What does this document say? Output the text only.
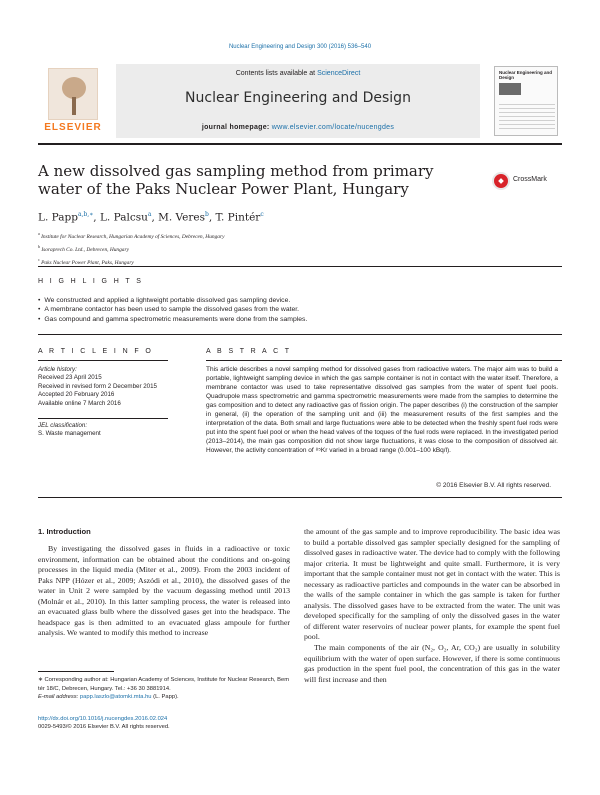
Nuclear Engineering and Design 300 (2016) 536–540
ELSEVIER
Contents lists available at ScienceDirect
Nuclear Engineering and Design
journal homepage: www.elsevier.com/locate/nucengdes
Nuclear Engineering and Design
A new dissolved gas sampling method from primary water of the Paks Nuclear Power Plant, Hungary
CrossMark
L. Papp$^{a,b,∗}$, L. Palcsu$^a$, M. Veres$^b$, T. Pintér$^c$
$^a$ Institute for Nuclear Research, Hungarian Academy of Sciences, Debrecen, Hungary
$^b$ Isoraprech Co. Ltd., Debrecen, Hungary
$^c$ Paks Nuclear Power Plant, Paks, Hungary
H I G H L I G H T S
• We constructed and applied a lightweight portable dissolved gas sampling device.
• A membrane contactor has been used to sample the dissolved gases from the water.
• Gas compound and gamma spectrometric measurements were done from the samples.
A R T I C L E I N F O
Article history:
Received 23 April 2015
Received in revised form 2 December 2015
Accepted 20 February 2016
Available online 7 March 2016
JEL classification:
S. Waste management
A B S T R A C T
This article describes a novel sampling method for dissolved gases from radioactive waters. The major aim was to build a portable, lightweight sampling device in which the gas sample container is not in contact with the water itself. Therefore, a membrane contactor was used to take representative dissolved gas samples from the water of spent fuel pools. Quadrupole mass spectrometric and gamma spectrometric measurements were made from the samples to determine the gas composition and to detect any radioactive gas of fission origin. The paper describes (i) the construction of the sampler in general, (ii) the operation of the sampling unit and (iii) the measurement results of the first samples and the interpretation of the data. Both small and large fluctuations were able to be detected when the freshly spent fuel rods were put into the spent fuel pool or when the head valves of the toques of the fuel rods were replaced. In the investigated period (2013–2014), the main gas composition did not show large fluctuations, it was close to the composition of dissolved air. However, the activity concentration of ⁸⁵Kr varied in a broad range (0.001–100 kBq/l).
© 2016 Elsevier B.V. All rights reserved.
1. Introduction
By investigating the dissolved gases in fluids in a radioactive or toxic environment, information can be obtained about the conditions and on-going processes in the liquid media (Miter et al., 2009). From the 2003 incident of Paks NPP (Hózer et al., 2009; Aszódi et al., 2010), the dissolved gases of the water in Unit 2 were sampled by the vacuum degassing method until 2013 (Molnár et al., 2010). In this latter sampling process, the water is released into an evacuated glass bulb where the dissolved gases get into the headspace. The headspace gas is then admitted to an evacuated glass ampoule for further analysis. We wanted to modify this method to increase

the amount of the gas sample and to improve reproducibility. The basic idea was to build a portable dissolved gas sampler specially designed for the sampling of dissolved gases in radioactive water. The device had to comply with the following major criteria. It must be lightweight and quite small. Furthermore, it is very important that the sample container must not get in contact with the water. This is necessary as radioactive particles and compounds in the water can be absorbed in the walls of the sample container in which the gas sample is taken for further analysis. The dissolved gases have to be extracted from the water. The unit was developed specifically for the sampling of only the dissolved gases in the water of different water reservoirs of nuclear power plants, for example the spent fuel pool.

The main components of the air (N₂, O₂, Ar, CO₂) are usually in solubility equilibrium with the water of open surface. However, if there is some continuous gas production in the spent fuel pool, the concentration of this gas in the water will first increase and then

∗ Corresponding author at: Hungarian Academy of Sciences, Institute for Nuclear Research, Bem tér 18/C, Debrecen, Hungary. Tel.: +36 30 3881914.
E-mail address: papp.laszlo@atomki.mta.hu (L. Papp).
http://dx.doi.org/10.1016/j.nucengdes.2016.02.024
0029-5493/© 2016 Elsevier B.V. All rights reserved.
